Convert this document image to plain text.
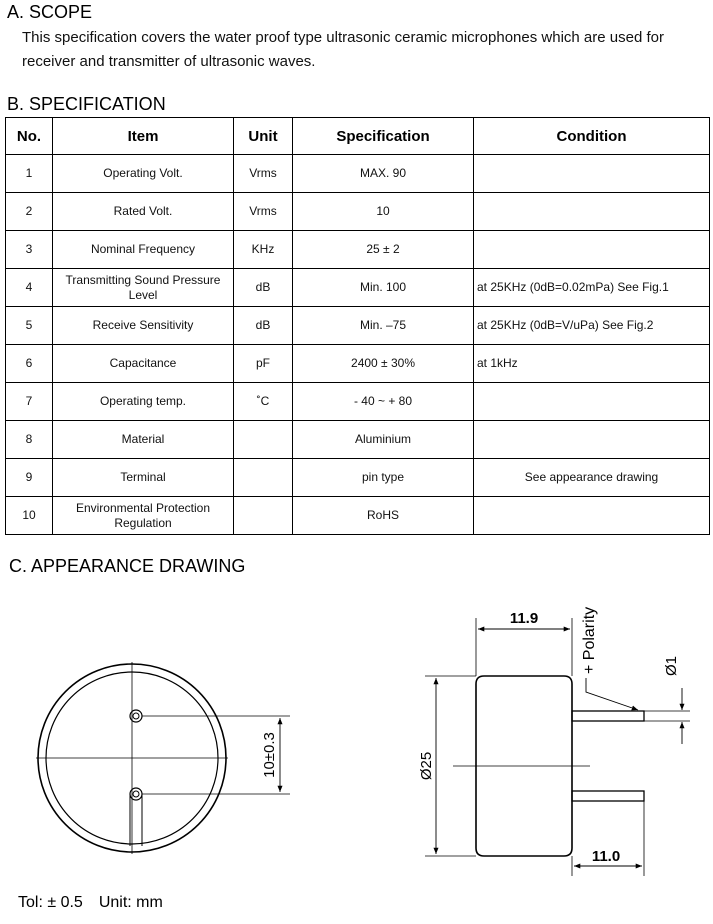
A. SCOPE

This specification covers the water proof type ultrasonic ceramic microphones which are used for receiver and transmitter of ultrasonic waves.

B. SPECIFICATION
No.	Item	Unit	Specification	Condition
1	Operating Volt.	Vrms	MAX. 90	
2	Rated Volt.	Vrms	10	
3	Nominal Frequency	KHz	25 ± 2	
4	Transmitting Sound Pressure Level	dB	Min. 100	at 25KHz (0dB=0.02mPa) See Fig.1
5	Receive Sensitivity	dB	Min. –75	at 25KHz (0dB=V/uPa) See Fig.2
6	Capacitance	pF	2400 ± 30%	at 1kHz
7	Operating temp.	˚C	- 40 ~ + 80	
8	Material		Aluminium	
9	Terminal		pin type	See appearance drawing
10	Environmental Protection Regulation		RoHS	
C. APPEARANCE DRAWING
10±0.3	Ø25
11.9	+ Polarity	Ø1
11.0
Tol: ± 0.5 Unit: mm
